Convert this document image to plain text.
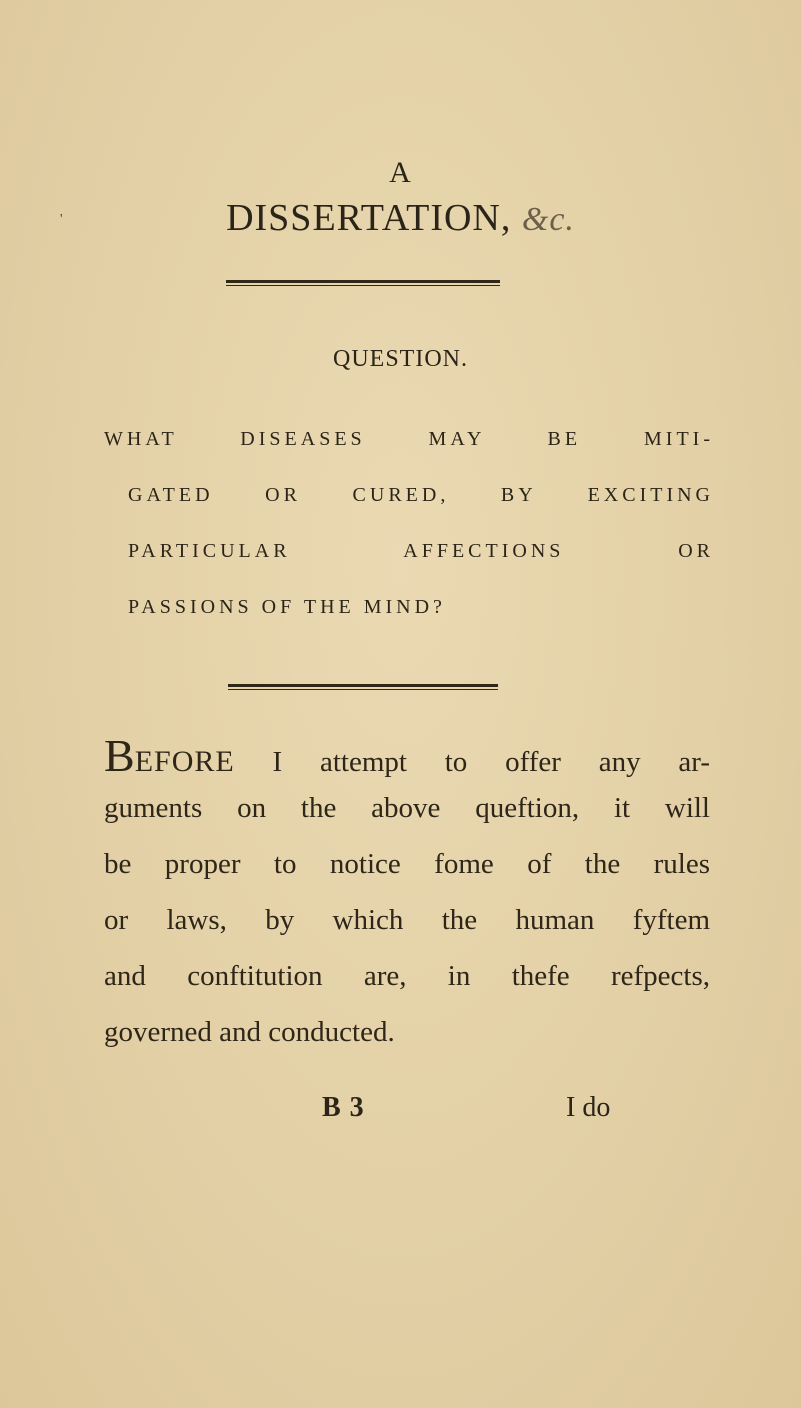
'
A
DISSERTATION, &c.
QUESTION.
WHAT DISEASES MAY BE MITI-
GATED OR CURED, BY EXCITING
PARTICULAR AFFECTIONS OR
PASSIONS OF THE MIND?
BEFORE I attempt to offer any ar-
guments on the above queftion, it will
be proper to notice fome of the rules
or laws, by which the human fyftem
and conftitution are, in thefe refpects,
governed and conducted.
B 3	I do
